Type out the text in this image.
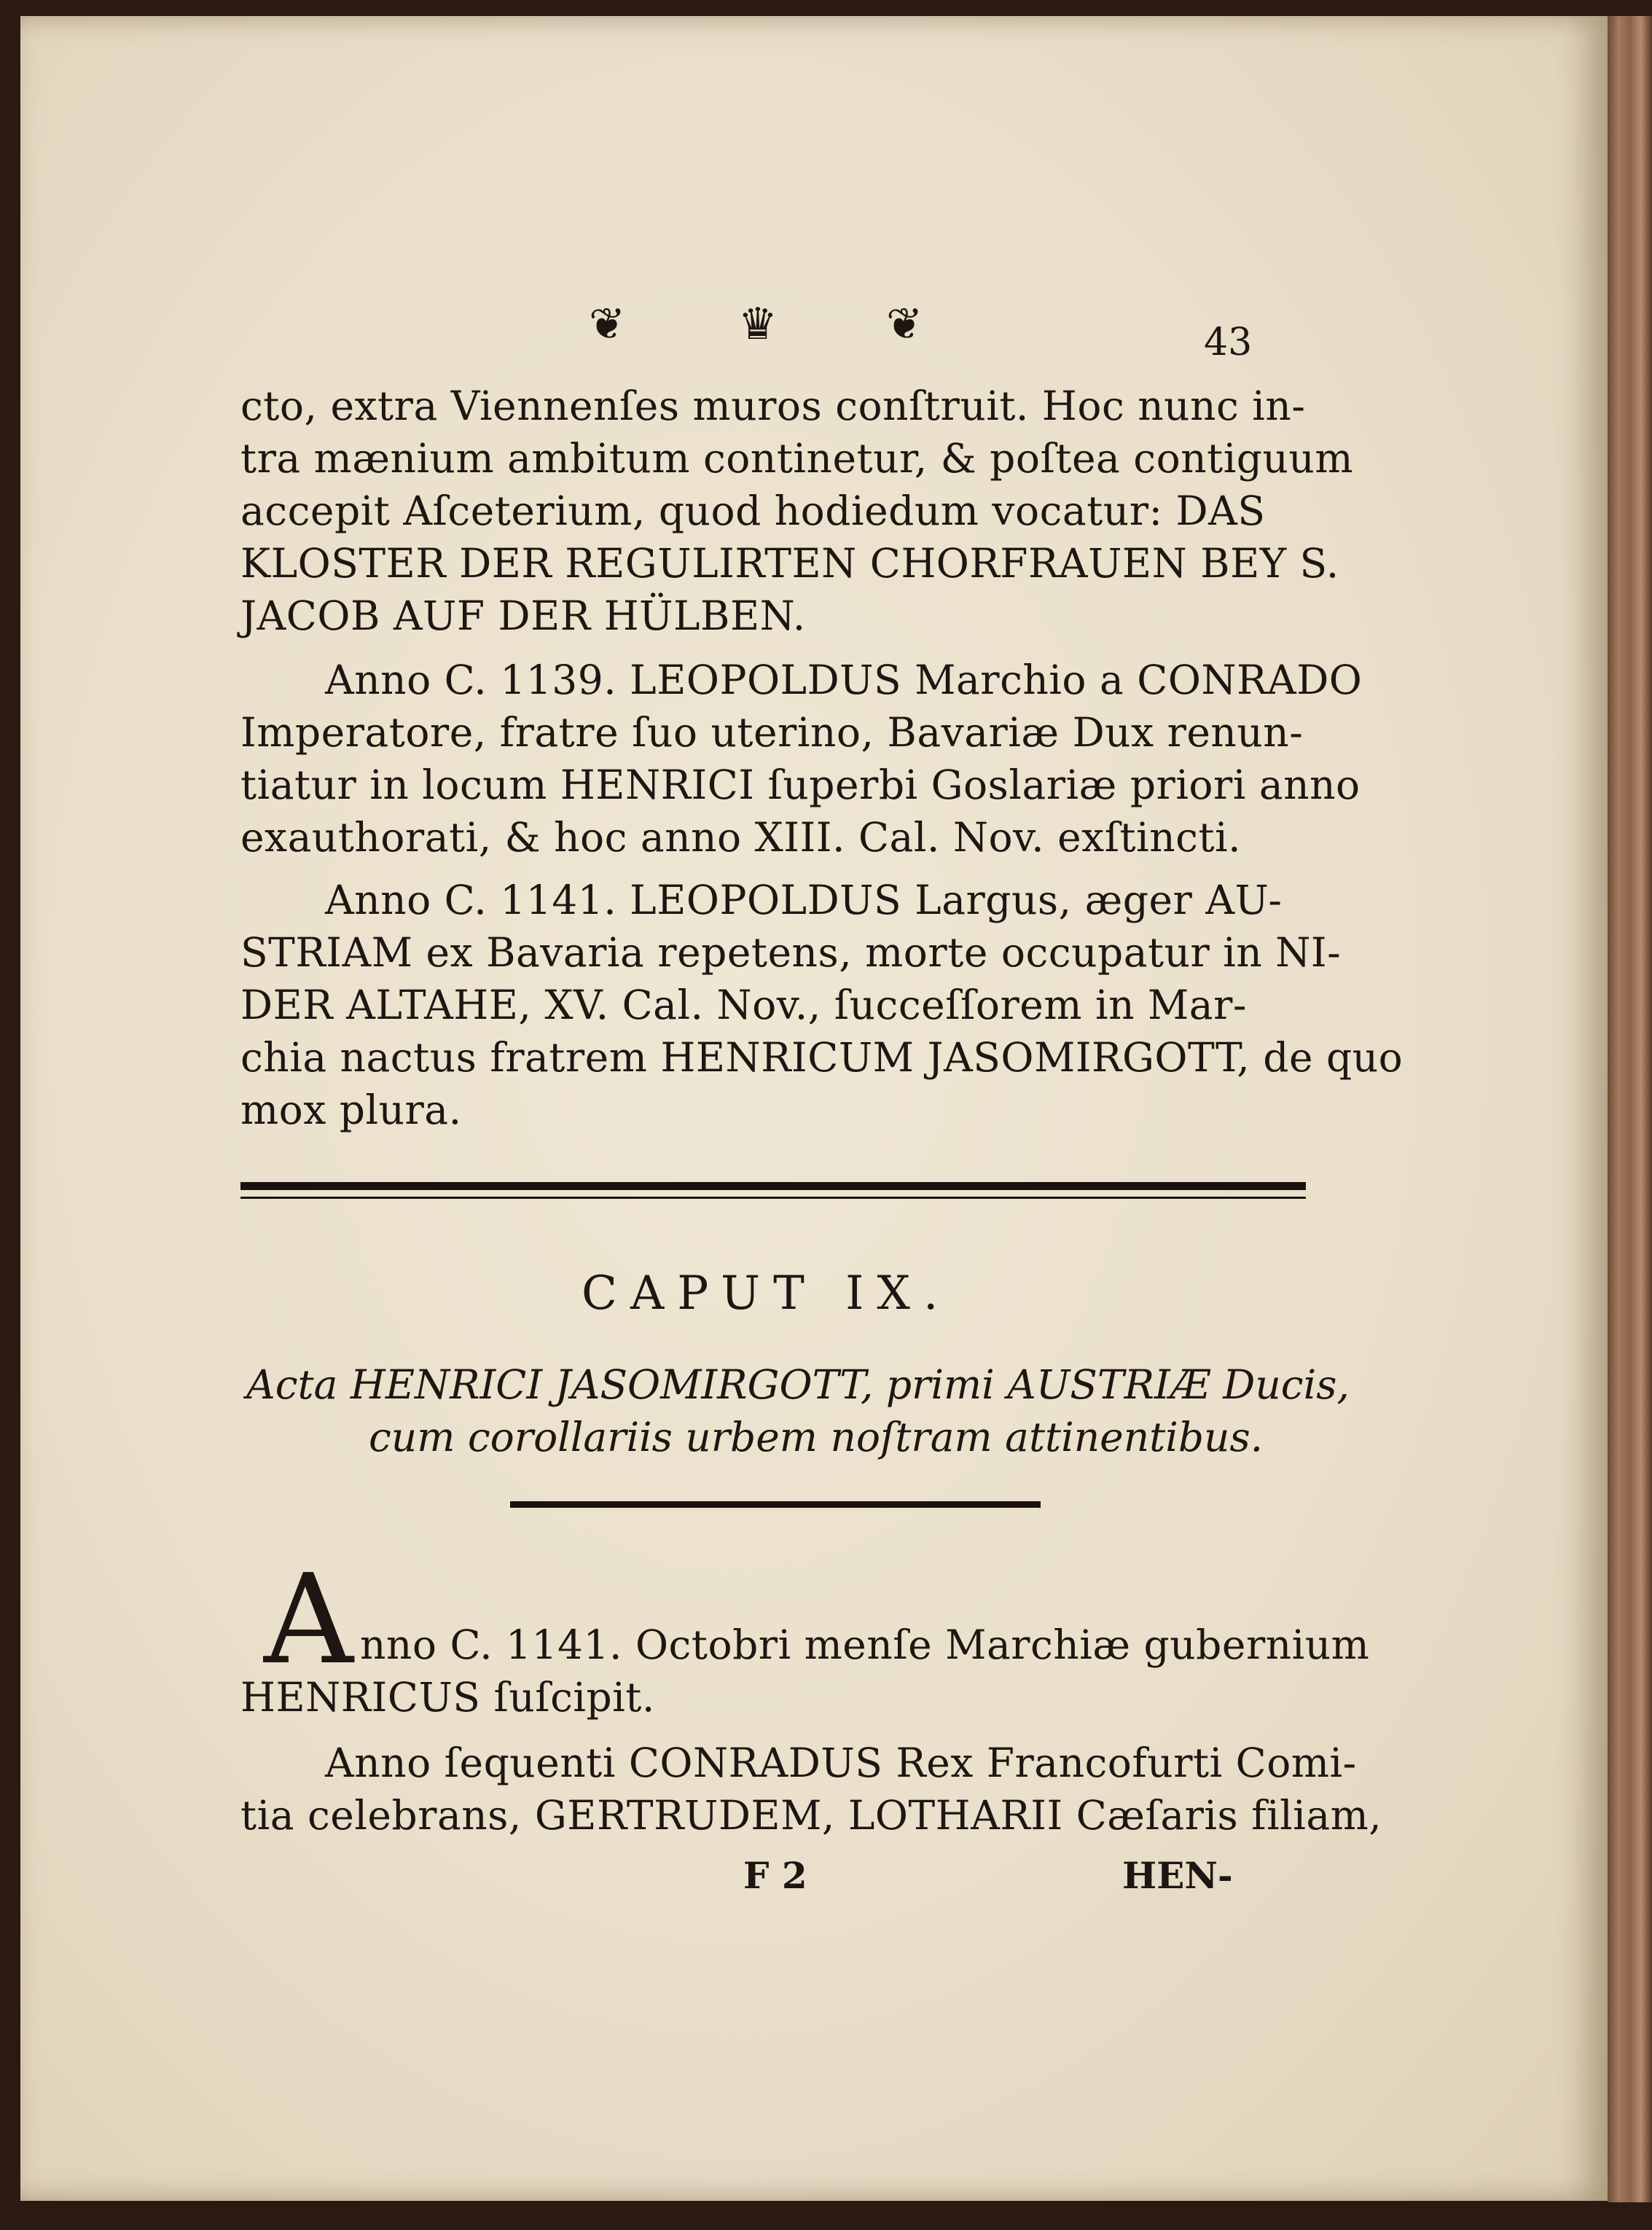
❦	♛ ❦	43
cto, extra Viennenſes muros conſtruit. Hoc nunc in-
tra mænium ambitum continetur, & poſtea contiguum
accepit Aſceterium, quod hodiedum vocatur: DAS
KLOSTER DER REGULIRTEN CHORFRAUEN BEY S.
JACOB AUF DER HÜLBEN.
Anno C. 1139. LEOPOLDUS Marchio a CONRADO
Imperatore, fratre ſuo uterino, Bavariæ Dux renun-
tiatur in locum HENRICI ſuperbi Goslariæ priori anno
exauthorati, & hoc anno XIII. Cal. Nov. exſtincti.
Anno C. 1141. LEOPOLDUS Largus, æger AU-
STRIAM ex Bavaria repetens, morte occupatur in NI-
DER ALTAHE, XV. Cal. Nov., ſucceſſorem in Mar-
chia nactus fratrem HENRICUM JASOMIRGOTT, de quo
mox plura.
CAPUT IX.
Acta HENRICI JASOMIRGOTT, primi AUSTRIÆ Ducis,
cum corollariis urbem noſtram attinentibus.
A nno C. 1141. Octobri menſe Marchiæ gubernium
HENRICUS ſuſcipit.
Anno ſequenti CONRADUS Rex Francofurti Comi-
tia celebrans, GERTRUDEM, LOTHARII Cæſaris filiam,
F 2	HEN-
